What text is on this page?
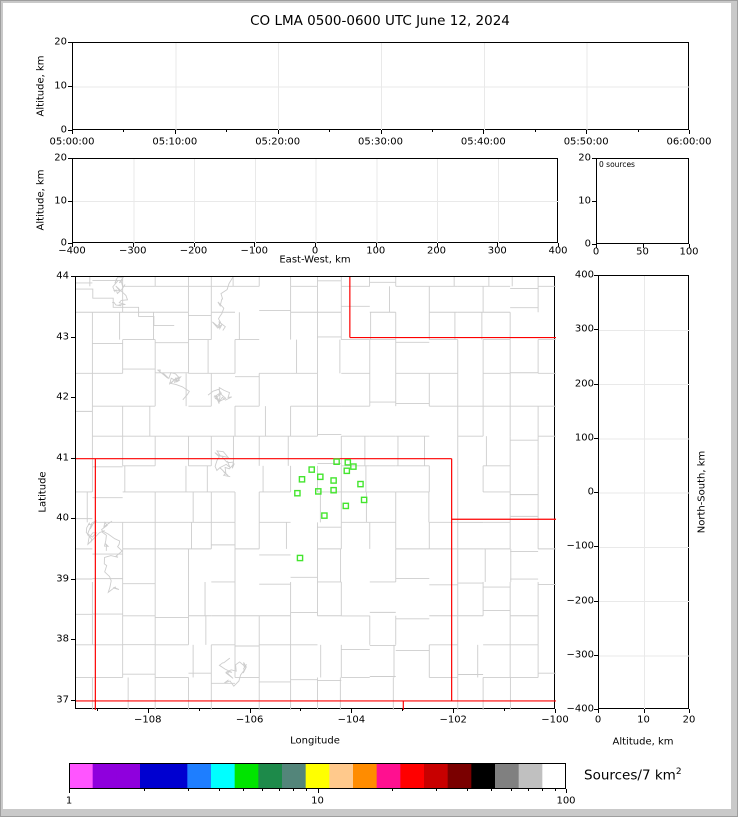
CO LMA 0500-0600 UTC June 12, 2024
Altitude, km
Altitude, km
East-West, km
0 sources
Latitude
Longitude
North-South, km
Altitude, km
Sources/7 $km^2$
05:00:00	05:10:00	05:20:00	05:30:00	05:40:00	05:50:00	06:00:00
20
10
0
−400	−300	−200	−100	0	100	200	300	400
20
10
0
0	50	100
20
10
0
−108	−106	−104	−102	−100
44
43
42
41
40
39
38
37
400
300
200
100
0
−100
−200
−300
−400
0	10	20
1	10	100
